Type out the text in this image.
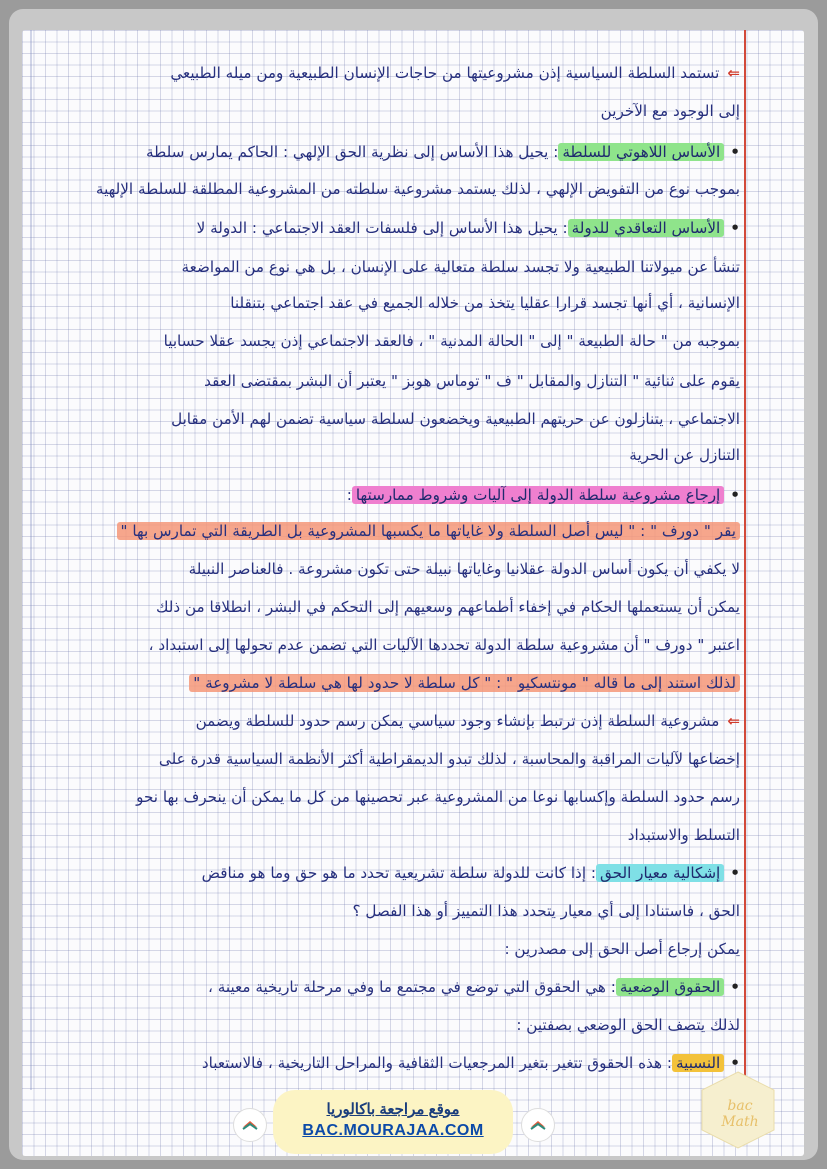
⇐تستمد السلطة السياسية إذن مشروعيتها من حاجات الإنسان الطبيعية ومن ميله الطبيعي
إلى الوجود مع الآخرين
•الأساس اللاهوتي للسلطة: يحيل هذا الأساس إلى نظرية الحق الإلهي : الحاكم يمارس سلطة
بموجب نوع من التفويض الإلهي ، لذلك يستمد مشروعية سلطته من المشروعية المطلقة للسلطة الإلهية
•الأساس التعاقدي للدولة: يحيل هذا الأساس إلى فلسفات العقد الاجتماعي : الدولة لا
تنشأ عن ميولاتنا الطبيعية ولا تجسد سلطة متعالية على الإنسان ، بل هي نوع من المواضعة
الإنسانية ، أي أنها تجسد قرارا عقليا يتخذ من خلاله الجميع في عقد اجتماعي بتنقلنا
بموجبه من " حالة الطبيعة " إلى " الحالة المدنية " ، فالعقد الاجتماعي إذن يجسد عقلا حسابيا
يقوم على ثنائية " التنازل والمقابل " ف " توماس هوبز " يعتبر أن البشر بمقتضى العقد
الاجتماعي ، يتنازلون عن حريتهم الطبيعية ويخضعون لسلطة سياسية تضمن لهم الأمن مقابل
التنازل عن الحرية
•إرجاع مشروعية سلطة الدولة إلى آليات وشروط ممارستها:
يقر " دورف " : " ليس أصل السلطة ولا غاياتها ما يكسبها المشروعية بل الطريقة التي تمارس بها "
لا يكفي أن يكون أساس الدولة عقلانيا وغاياتها نبيلة حتى تكون مشروعة . فالعناصر النبيلة
يمكن أن يستعملها الحكام في إخفاء أطماعهم وسعيهم إلى التحكم في البشر ، انطلاقا من ذلك
اعتبر " دورف " أن مشروعية سلطة الدولة تحددها الآليات التي تضمن عدم تحولها إلى استبداد ،
لذلك استند إلى ما قاله " مونتسكيو " : " كل سلطة لا حدود لها هي سلطة لا مشروعة "
⇐مشروعية السلطة إذن ترتبط بإنشاء وجود سياسي يمكن رسم حدود للسلطة ويضمن
إخضاعها لآليات المراقبة والمحاسبة ، لذلك تبدو الديمقراطية أكثر الأنظمة السياسية قدرة على
رسم حدود السلطة وإكسابها نوعا من المشروعية عبر تحصينها من كل ما يمكن أن ينحرف بها نحو
التسلط والاستبداد
•إشكالية معيار الحق: إذا كانت للدولة سلطة تشريعية تحدد ما هو حق وما هو مناقض
الحق ، فاستنادا إلى أي معيار يتحدد هذا التمييز أو هذا الفصل ؟
يمكن إرجاع أصل الحق إلى مصدرين :
•الحقوق الوضعية: هي الحقوق التي توضع في مجتمع ما وفي مرحلة تاريخية معينة ،
لذلك يتصف الحق الوضعي بصفتين :
•النسبية: هذه الحقوق تتغير بتغير المرجعيات الثقافية والمراحل التاريخية ، فالاستعباد
موقع مراجعة باكالوريا
BAC.MOURAJAA.COM
bac Math
